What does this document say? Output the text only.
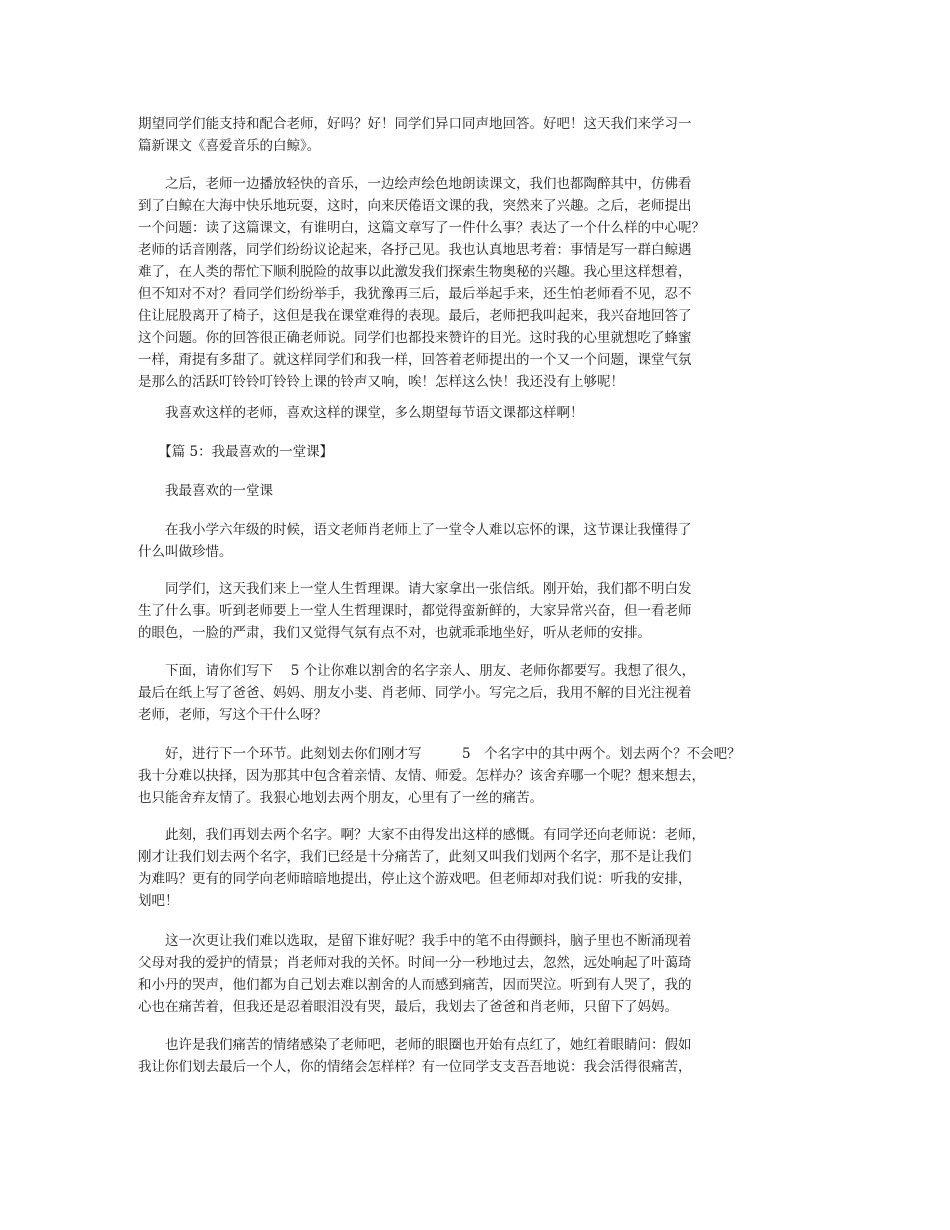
期望同学们能支持和配合老师，好吗？好！同学们异口同声地回答。好吧！这天我们来学习一
篇新课文《喜爱音乐的白鲸》。

　　之后，老师一边播放轻快的音乐，一边绘声绘色地朗读课文，我们也都陶醉其中，仿佛看
到了白鲸在大海中快乐地玩耍，这时，向来厌倦语文课的我，突然来了兴趣。之后，老师提出
一个问题：读了这篇课文，有谁明白，这篇文章写了一件什么事？表达了一个什么样的中心呢？
老师的话音刚落，同学们纷纷议论起来，各抒己见。我也认真地思考着：事情是写一群白鲸遇
难了，在人类的帮忙下顺利脱险的故事以此激发我们探索生物奥秘的兴趣。我心里这样想着，
但不知对不对？看同学们纷纷举手，我犹豫再三后，最后举起手来，还生怕老师看不见，忍不
住让屁股离开了椅子，这但是我在课堂难得的表现。最后，老师把我叫起来，我兴奋地回答了
这个问题。你的回答很正确老师说。同学们也都投来赞许的目光。这时我的心里就想吃了蜂蜜
一样，甭提有多甜了。就这样同学们和我一样，回答着老师提出的一个又一个问题，课堂气氛
是那么的活跃叮铃铃叮铃铃上课的铃声又响，唉！怎样这么快！我还没有上够呢！

　　我喜欢这样的老师，喜欢这样的课堂，多么期望每节语文课都这样啊！

　　【篇 5：我最喜欢的一堂课】

　　我最喜欢的一堂课

　　在我小学六年级的时候，语文老师肖老师上了一堂令人难以忘怀的课，这节课让我懂得了
什么叫做珍惜。

　　同学们，这天我们来上一堂人生哲理课。请大家拿出一张信纸。刚开始，我们都不明白发
生了什么事。听到老师要上一堂人生哲理课时，都觉得蛮新鲜的，大家异常兴奋，但一看老师
的眼色，一脸的严肃，我们又觉得气氛有点不对，也就乖乖地坐好，听从老师的安排。

　　下面，请你们写下　 5 个让你难以割舍的名字亲人、朋友、老师你都要写。我想了很久，
最后在纸上写了爸爸、妈妈、朋友小斐、肖老师、同学小。写完之后，我用不解的目光注视着
老师，老师，写这个干什么呀？

　　好，进行下一个环节。此刻划去你们刚才写　　　5　个名字中的其中两个。划去两个？不会吧？
我十分难以抉择，因为那其中包含着亲情、友情、师爱。怎样办？该舍弃哪一个呢？想来想去，
也只能舍弃友情了。我狠心地划去两个朋友，心里有了一丝的痛苦。

　　此刻，我们再划去两个名字。啊？大家不由得发出这样的感慨。有同学还向老师说：老师，
刚才让我们划去两个名字，我们已经是十分痛苦了，此刻又叫我们划两个名字，那不是让我们
为难吗？更有的同学向老师暗暗地提出，停止这个游戏吧。但老师却对我们说：听我的安排，
划吧！

　　这一次更让我们难以选取，是留下谁好呢？我手中的笔不由得颤抖，脑子里也不断涌现着
父母对我的爱护的情景；肖老师对我的关怀。时间一分一秒地过去，忽然，远处响起了叶蔼琦
和小丹的哭声，他们都为自己划去难以割舍的人而感到痛苦，因而哭泣。听到有人哭了，我的
心也在痛苦着，但我还是忍着眼泪没有哭，最后，我划去了爸爸和肖老师，只留下了妈妈。

　　也许是我们痛苦的情绪感染了老师吧，老师的眼圈也开始有点红了，她红着眼睛问：假如
我让你们划去最后一个人，你的情绪会怎样样？有一位同学支支吾吾地说：我会活得很痛苦，
